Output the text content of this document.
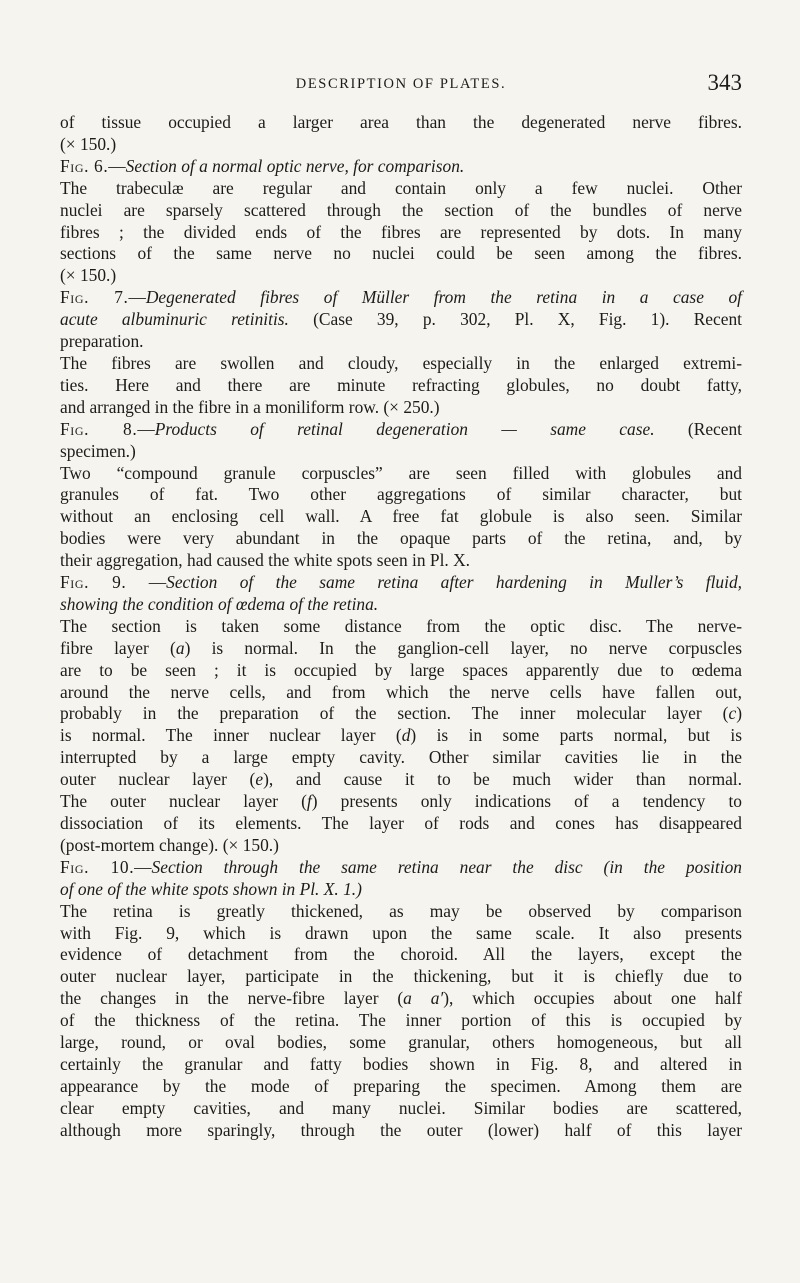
DESCRIPTION OF PLATES.	343
of tissue occupied a larger area than the degenerated nerve fibres.
(× 150.)
Fig. 6.—Section of a normal optic nerve, for comparison.
The trabeculæ are regular and contain only a few nuclei. Other
nuclei are sparsely scattered through the section of the bundles of nerve
fibres ; the divided ends of the fibres are represented by dots. In many
sections of the same nerve no nuclei could be seen among the fibres.
(× 150.)
Fig. 7.—Degenerated fibres of Müller from the retina in a case of
acute albuminuric retinitis. (Case 39, p. 302, Pl. X, Fig. 1). Recent
preparation.
The fibres are swollen and cloudy, especially in the enlarged extremi-
ties. Here and there are minute refracting globules, no doubt fatty,
and arranged in the fibre in a moniliform row. (× 250.)
Fig. 8.—Products of retinal degeneration — same case. (Recent
specimen.)
Two “compound granule corpuscles” are seen filled with globules and
granules of fat. Two other aggregations of similar character, but
without an enclosing cell wall. A free fat globule is also seen. Similar
bodies were very abundant in the opaque parts of the retina, and, by
their aggregation, had caused the white spots seen in Pl. X.
Fig. 9. —Section of the same retina after hardening in Muller’s fluid,
showing the condition of œdema of the retina.
The section is taken some distance from the optic disc. The nerve-
fibre layer (a) is normal. In the ganglion-cell layer, no nerve corpuscles
are to be seen ; it is occupied by large spaces apparently due to œdema
around the nerve cells, and from which the nerve cells have fallen out,
probably in the preparation of the section. The inner molecular layer (c)
is normal. The inner nuclear layer (d) is in some parts normal, but is
interrupted by a large empty cavity. Other similar cavities lie in the
outer nuclear layer (e), and cause it to be much wider than normal.
The outer nuclear layer (f) presents only indications of a tendency to
dissociation of its elements. The layer of rods and cones has disappeared
(post-mortem change). (× 150.)
Fig. 10.—Section through the same retina near the disc (in the position
of one of the white spots shown in Pl. X. 1.)
The retina is greatly thickened, as may be observed by comparison
with Fig. 9, which is drawn upon the same scale. It also presents
evidence of detachment from the choroid. All the layers, except the
outer nuclear layer, participate in the thickening, but it is chiefly due to
the changes in the nerve-fibre layer (a a′), which occupies about one half
of the thickness of the retina. The inner portion of this is occupied by
large, round, or oval bodies, some granular, others homogeneous, but all
certainly the granular and fatty bodies shown in Fig. 8, and altered in
appearance by the mode of preparing the specimen. Among them are
clear empty cavities, and many nuclei. Similar bodies are scattered,
although more sparingly, through the outer (lower) half of this layer
